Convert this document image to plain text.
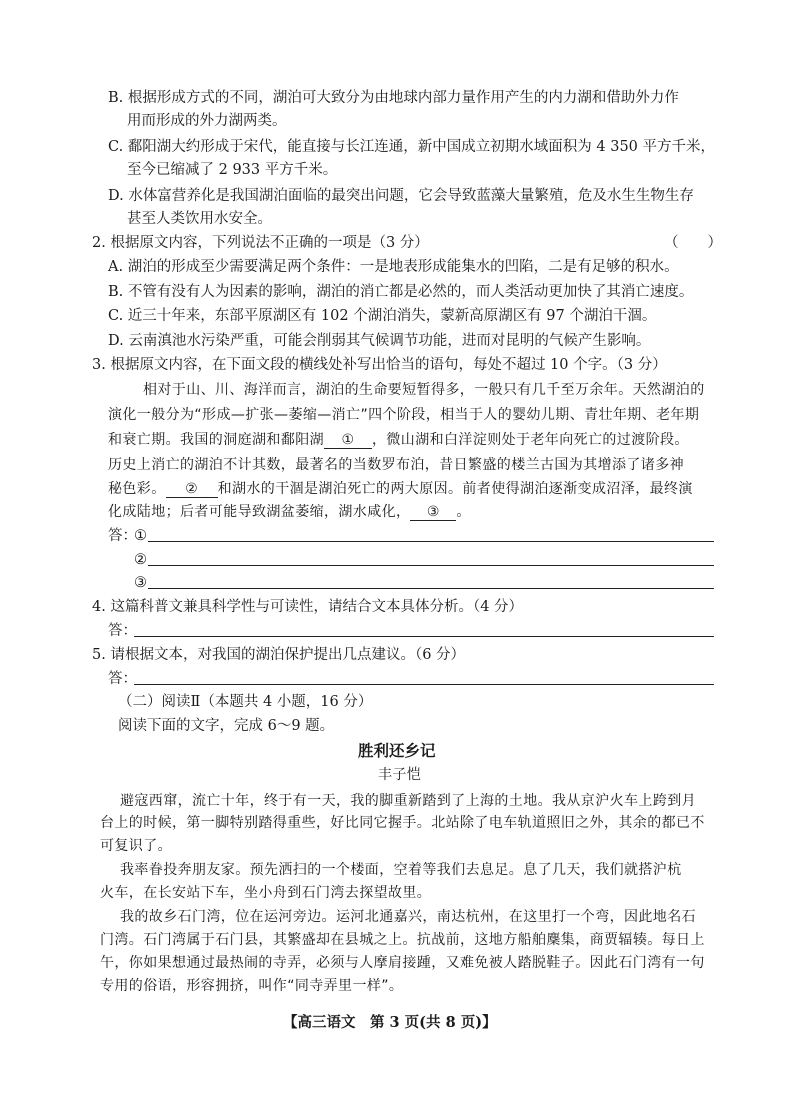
B. 根据形成方式的不同，湖泊可大致分为由地球内部力量作用产生的内力湖和借助外力作
用而形成的外力湖两类。
C. 鄱阳湖大约形成于宋代，能直接与长江连通，新中国成立初期水域面积为 4 350 平方千米，
至今已缩减了 2 933 平方千米。
D. 水体富营养化是我国湖泊面临的最突出问题，它会导致蓝藻大量繁殖，危及水生生物生存
甚至人类饮用水安全。
2. 根据原文内容，下列说法不正确的一项是（3 分）	（　　）
A. 湖泊的形成至少需要满足两个条件：一是地表形成能集水的凹陷，二是有足够的积水。
B. 不管有没有人为因素的影响，湖泊的消亡都是必然的，而人类活动更加快了其消亡速度。
C. 近三十年来，东部平原湖区有 102 个湖泊消失，蒙新高原湖区有 97 个湖泊干涸。
D. 云南滇池水污染严重，可能会削弱其气候调节功能，进而对昆明的气候产生影响。
3. 根据原文内容，在下面文段的横线处补写出恰当的语句，每处不超过 10 个字。（3 分）
相对于山、川、海洋而言，湖泊的生命要短暂得多，一般只有几千至万余年。天然湖泊的
演化一般分为“形成—扩张—萎缩—消亡”四个阶段，相当于人的婴幼儿期、青壮年期、老年期
和衰亡期。我国的洞庭湖和鄱阳湖 ① ，微山湖和白洋淀则处于老年向死亡的过渡阶段。
历史上消亡的湖泊不计其数，最著名的当数罗布泊，昔日繁盛的楼兰古国为其增添了诸多神
秘色彩。 ② 和湖水的干涸是湖泊死亡的两大原因。前者使得湖泊逐渐变成沼泽，最终演
化成陆地；后者可能导致湖盆萎缩，湖水咸化， ③ 。
答：
①
②
③
4. 这篇科普文兼具科学性与可读性，请结合文本具体分析。（4 分）
答：
5. 请根据文本，对我国的湖泊保护提出几点建议。（6 分）
答：
（二）阅读Ⅱ（本题共 4 小题，16 分）
阅读下面的文字，完成 6～9 题。
胜利还乡记
丰子恺
避寇西窜，流亡十年，终于有一天，我的脚重新踏到了上海的土地。我从京沪火车上跨到月
台上的时候，第一脚特别踏得重些，好比同它握手。北站除了电车轨道照旧之外，其余的都已不
可复识了。
我率眷投奔朋友家。预先洒扫的一个楼面，空着等我们去息足。息了几天，我们就搭沪杭
火车，在长安站下车，坐小舟到石门湾去探望故里。
我的故乡石门湾，位在运河旁边。运河北通嘉兴，南达杭州，在这里打一个弯，因此地名石
门湾。石门湾属于石门县，其繁盛却在县城之上。抗战前，这地方船舶麇集，商贾辐辏。每日上
午，你如果想通过最热闹的寺弄，必须与人摩肩接踵，又难免被人踏脱鞋子。因此石门湾有一句
专用的俗语，形容拥挤，叫作“同寺弄里一样”。
【高三语文　第 3 页(共 8 页)】
